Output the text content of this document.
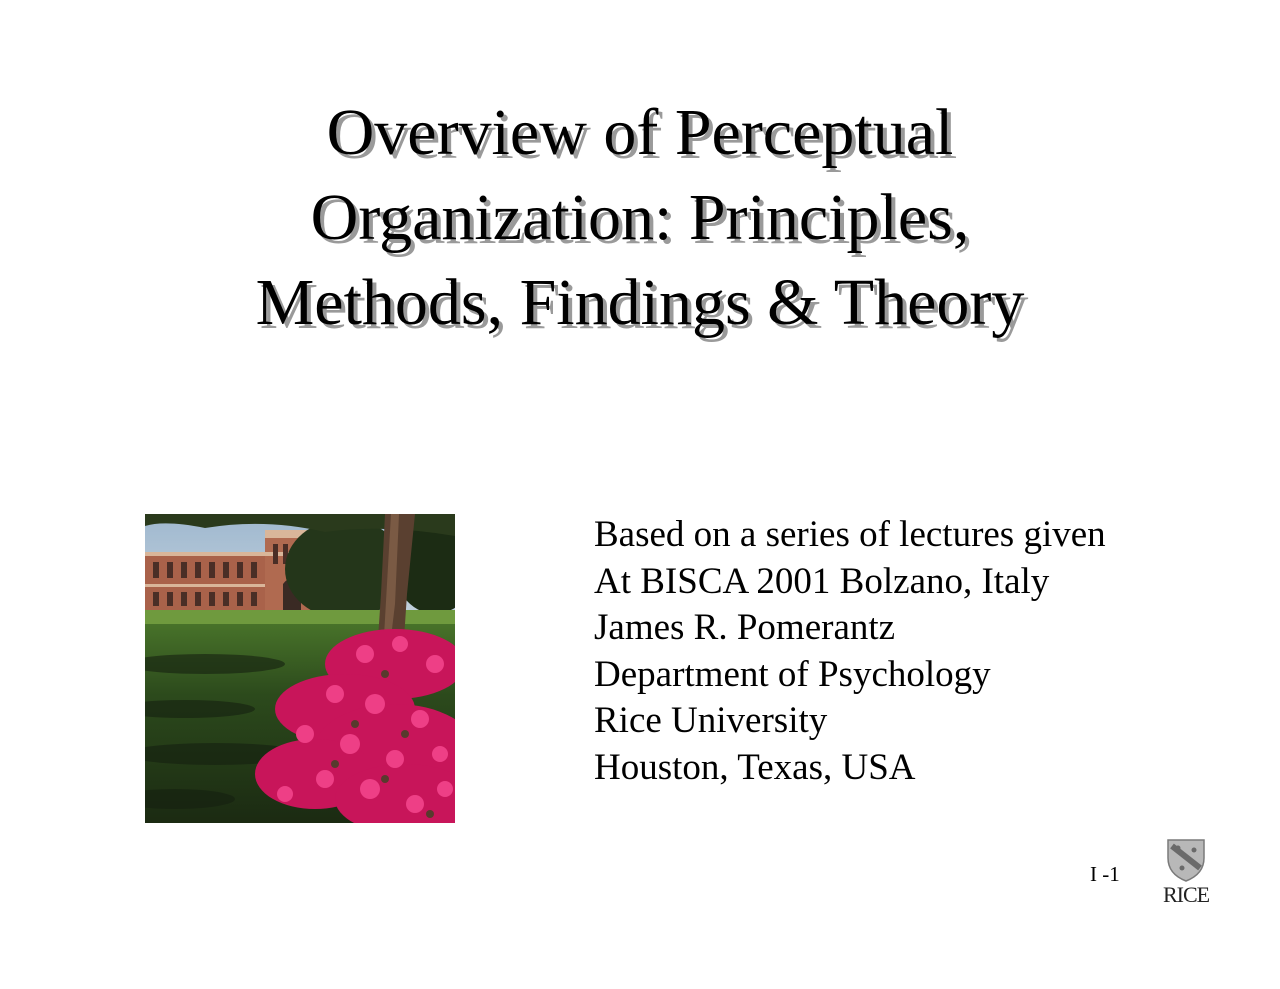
Overview of Perceptual
Organization: Principles,
Methods, Findings & Theory
Based on a series of lectures given
At BISCA 2001 Bolzano, Italy
James R. Pomerantz
Department of Psychology
Rice University
Houston, Texas, USA
I -1
RICE
